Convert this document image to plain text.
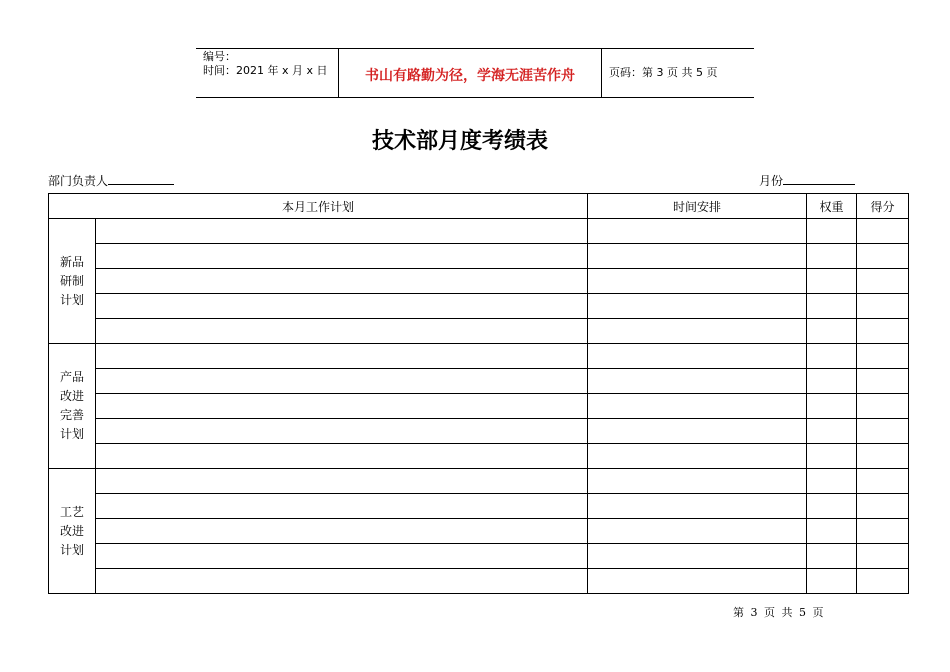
编号：
时间：2021 年 x 月 x 日	书山有路勤为径，学海无涯苦作舟	页码：第 3 页 共 5 页
技术部月度考绩表
部门负责人	月份
本月工作计划		时间安排	权重	得分

新品
研制
计划				

产品
改进
完善
计划				

工艺
改进
计划				

第 3 页 共 5 页
